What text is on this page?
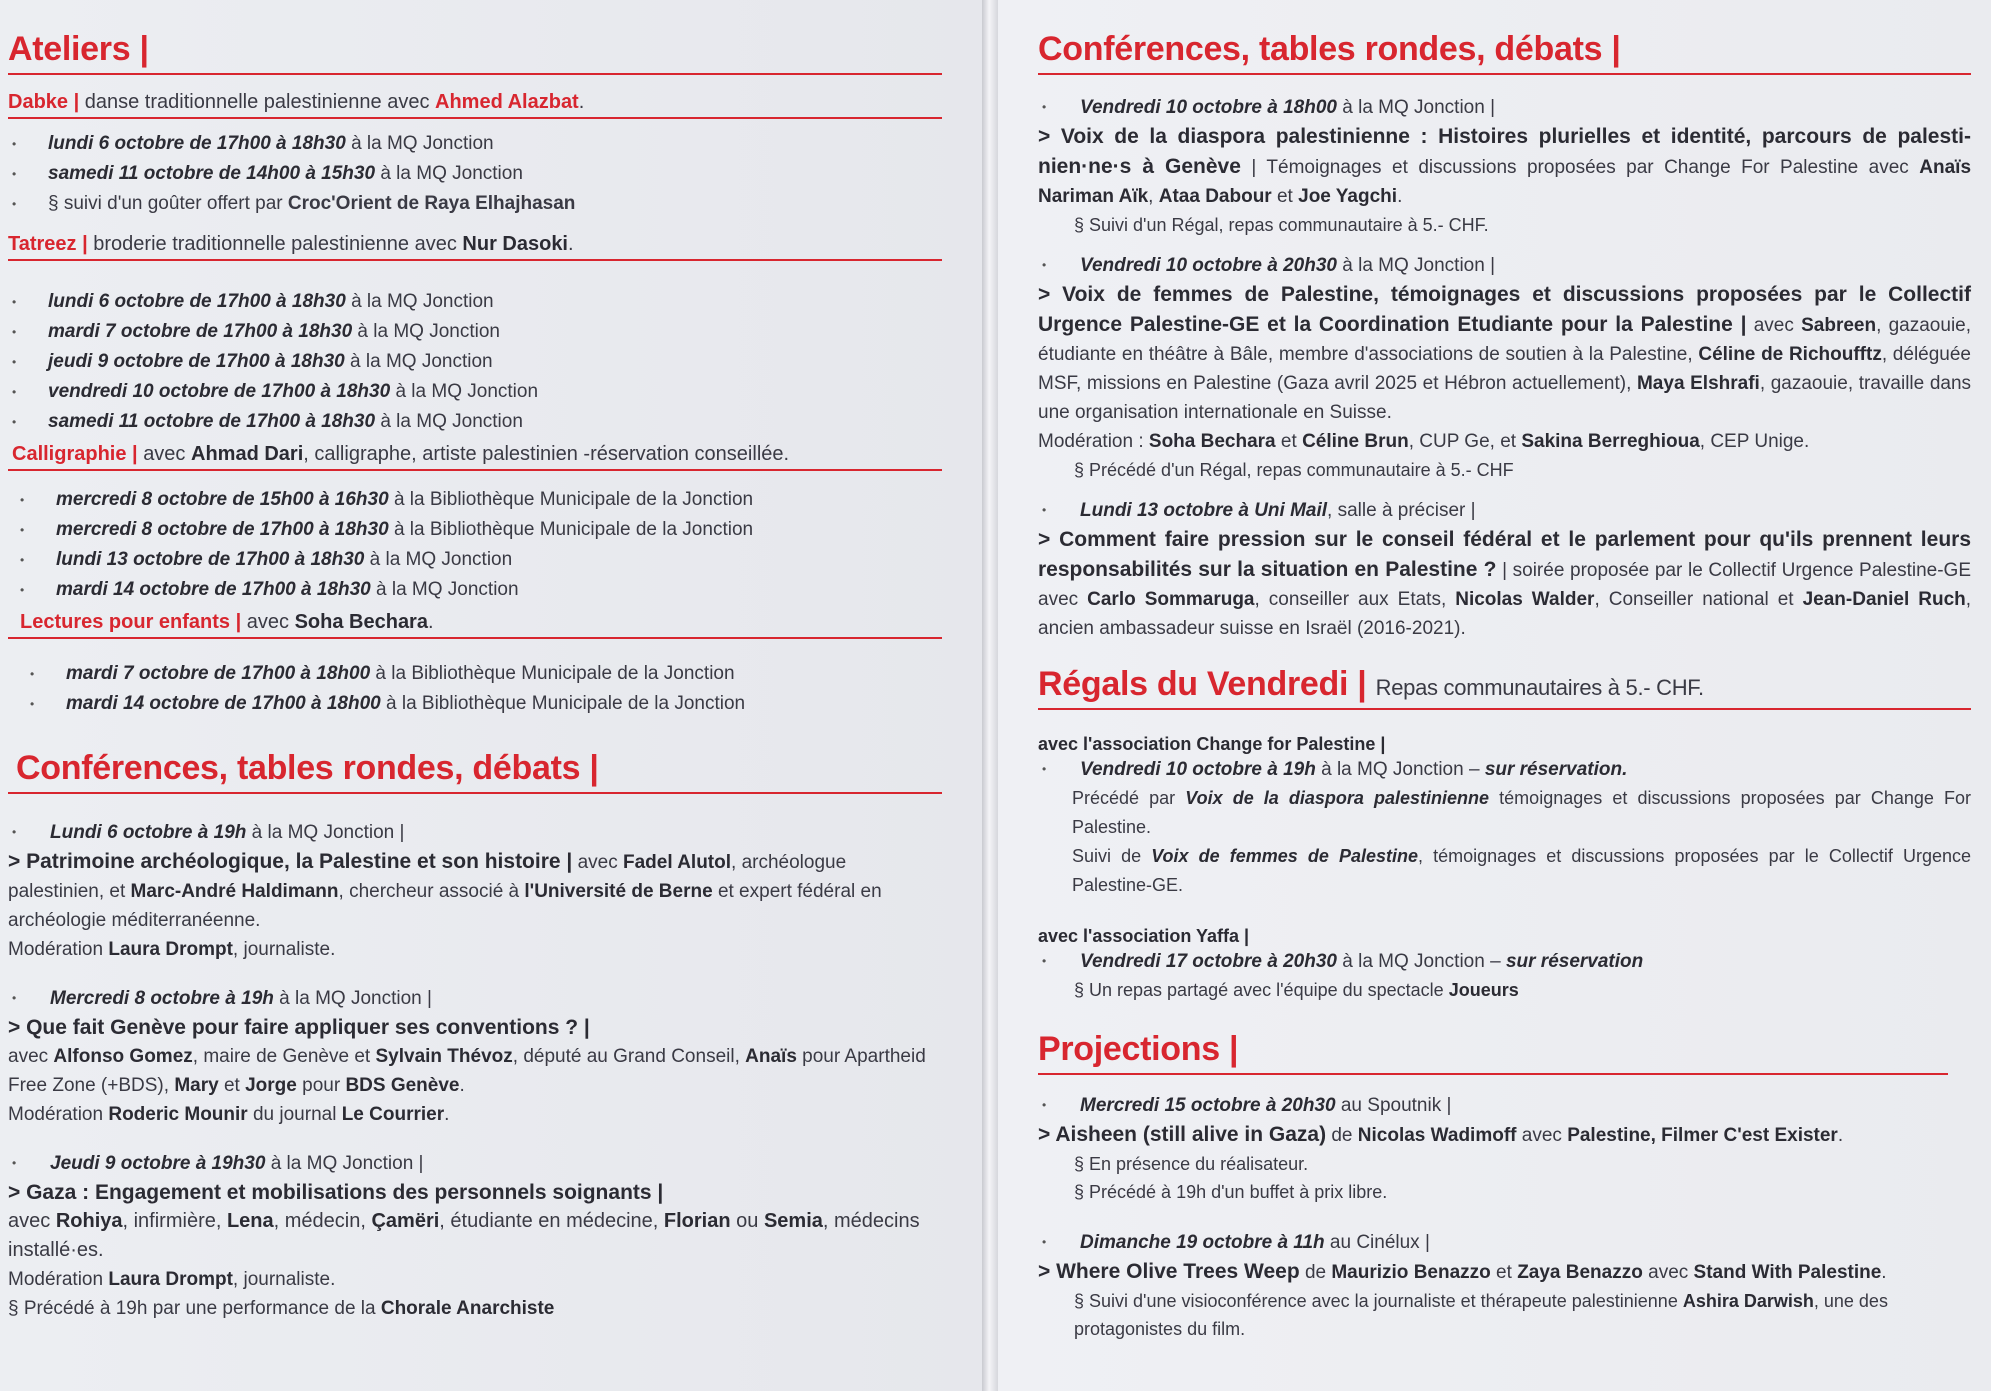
Ateliers |
Dabke | danse traditionnelle palestinienne avec Ahmed Alazbat.
• lundi 6 octobre de 17h00 à 18h30 à la MQ Jonction
• samedi 11 octobre de 14h00 à 15h30 à la MQ Jonction
• § suivi d'un goûter offert par Croc'Orient de Raya Elhajhasan
Tatreez | broderie traditionnelle palestinienne avec Nur Dasoki.
• lundi 6 octobre de 17h00 à 18h30 à la MQ Jonction
• mardi 7 octobre de 17h00 à 18h30 à la MQ Jonction
• jeudi 9 octobre de 17h00 à 18h30 à la MQ Jonction
• vendredi 10 octobre de 17h00 à 18h30 à la MQ Jonction
• samedi 11 octobre de 17h00 à 18h30 à la MQ Jonction
Calligraphie | avec Ahmad Dari, calligraphe, artiste palestinien -réservation conseillée.
• mercredi 8 octobre de 15h00 à 16h30 à la Bibliothèque Municipale de la Jonction
• mercredi 8 octobre de 17h00 à 18h30 à la Bibliothèque Municipale de la Jonction
• lundi 13 octobre de 17h00 à 18h30 à la MQ Jonction
• mardi 14 octobre de 17h00 à 18h30 à la MQ Jonction
Lectures pour enfants | avec Soha Bechara.
• mardi 7 octobre de 17h00 à 18h00 à la Bibliothèque Municipale de la Jonction
• mardi 14 octobre de 17h00 à 18h00 à la Bibliothèque Municipale de la Jonction
Conférences, tables rondes, débats |
• Lundi 6 octobre à 19h à la MQ Jonction |
> Patrimoine archéologique, la Palestine et son histoire | avec Fadel Alutol, archéologue palestinien, et Marc-André Haldimann, chercheur associé à l'Université de Berne et expert fédéral en archéologie méditerranéenne.
Modération Laura Drompt, journaliste.
• Mercredi 8 octobre à 19h à la MQ Jonction |
> Que fait Genève pour faire appliquer ses conventions ? |
avec Alfonso Gomez, maire de Genève et Sylvain Thévoz, député au Grand Conseil, Anaïs pour Apartheid Free Zone (+BDS), Mary et Jorge pour BDS Genève.
Modération Roderic Mounir du journal Le Courrier.
• Jeudi 9 octobre à 19h30 à la MQ Jonction |
> Gaza : Engagement et mobilisations des personnels soignants |
avec Rohiya, infirmière, Lena, médecin, Çamëri, étudiante en médecine, Florian ou Semia, médecins installé·es.
Modération Laura Drompt, journaliste.
§ Précédé à 19h par une performance de la Chorale Anarchiste
Conférences, tables rondes, débats |
• Vendredi 10 octobre à 18h00 à la MQ Jonction |
> Voix de la diaspora palestinienne : Histoires plurielles et identité, parcours de palesti-nien·ne·s à Genève | Témoignages et discussions proposées par Change For Palestine avec Anaïs Nariman Aïk, Ataa Dabour et Joe Yagchi.
§ Suivi d'un Régal, repas communautaire à 5.- CHF.
• Vendredi 10 octobre à 20h30 à la MQ Jonction |
> Voix de femmes de Palestine, témoignages et discussions proposées par le Collectif Urgence Palestine-GE et la Coordination Etudiante pour la Palestine | avec Sabreen, gazaouie, étudiante en théâtre à Bâle, membre d'associations de soutien à la Palestine, Céline de Richoufftz, déléguée MSF, missions en Palestine (Gaza avril 2025 et Hébron actuellement), Maya Elshrafi, gazaouie, travaille dans une organisation internationale en Suisse.
Modération : Soha Bechara et Céline Brun, CUP Ge, et Sakina Berreghioua, CEP Unige.
§ Précédé d'un Régal, repas communautaire à 5.- CHF
• Lundi 13 octobre à Uni Mail, salle à préciser |
> Comment faire pression sur le conseil fédéral et le parlement pour qu'ils prennent leurs responsabilités sur la situation en Palestine ? | soirée proposée par le Collectif Urgence Palestine-GE avec Carlo Sommaruga, conseiller aux Etats, Nicolas Walder, Conseiller national et Jean-Daniel Ruch, ancien ambassadeur suisse en Israël (2016-2021).
Régals du Vendredi | Repas communautaires à 5.- CHF.
avec l'association Change for Palestine |
• Vendredi 10 octobre à 19h à la MQ Jonction – sur réservation.
Précédé par Voix de la diaspora palestinienne témoignages et discussions proposées par Change For Palestine.
Suivi de Voix de femmes de Palestine, témoignages et discussions proposées par le Collectif Urgence Palestine-GE.
avec l'association Yaffa |
• Vendredi 17 octobre à 20h30 à la MQ Jonction – sur réservation
§ Un repas partagé avec l'équipe du spectacle Joueurs
Projections |
• Mercredi 15 octobre à 20h30 au Spoutnik |
> Aisheen (still alive in Gaza) de Nicolas Wadimoff avec Palestine, Filmer C'est Exister.
§ En présence du réalisateur.
§ Précédé à 19h d'un buffet à prix libre.
• Dimanche 19 octobre à 11h au Cinélux |
> Where Olive Trees Weep de Maurizio Benazzo et Zaya Benazzo avec Stand With Palestine.
§ Suivi d'une visioconférence avec la journaliste et thérapeute palestinienne Ashira Darwish, une des protagonistes du film.
